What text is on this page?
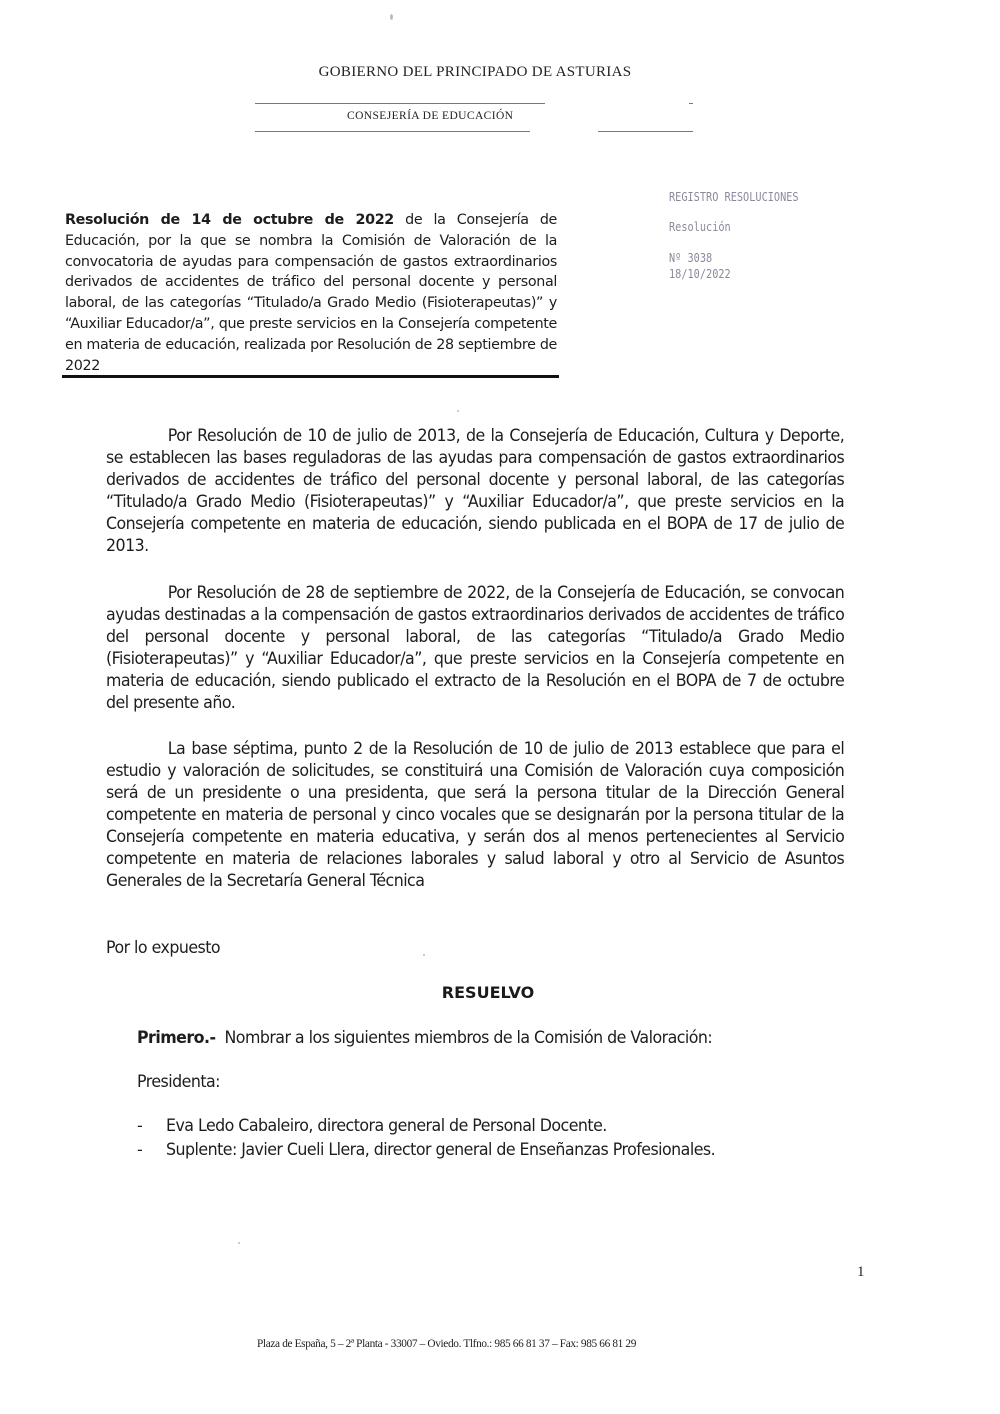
GOBIERNO DEL PRINCIPADO DE ASTURIAS
CONSEJERÍA DE EDUCACIÓN
REGISTRO RESOLUCIONES
Resolución
Nº 3038
18/10/2022
Resolución de 14 de octubre de 2022 de la Consejería de Educación, por la que se nombra la Comisión de Valoración de la convocatoria de ayudas para compensación de gastos extraordinarios derivados de accidentes de tráfico del personal docente y personal laboral, de las categorías “Titulado/a Grado Medio (Fisioterapeutas)” y “Auxiliar Educador/a”, que preste servicios en la Consejería competente en materia de educación, realizada por Resolución de 28 septiembre de 2022
Por Resolución de 10 de julio de 2013, de la Consejería de Educación, Cultura y Deporte, se establecen las bases reguladoras de las ayudas para compensación de gastos extraordinarios derivados de accidentes de tráfico del personal docente y personal laboral, de las categorías “Titulado/a Grado Medio (Fisioterapeutas)” y “Auxiliar Educador/a”, que preste servicios en la Consejería competente en materia de educación, siendo publicada en el BOPA de 17 de julio de 2013.
Por Resolución de 28 de septiembre de 2022, de la Consejería de Educación, se convocan ayudas destinadas a la compensación de gastos extraordinarios derivados de accidentes de tráfico del personal docente y personal laboral, de las categorías “Titulado/a Grado Medio (Fisioterapeutas)” y “Auxiliar Educador/a”, que preste servicios en la Consejería competente en materia de educación, siendo publicado el extracto de la Resolución en el BOPA de 7 de octubre del presente año.
La base séptima, punto 2 de la Resolución de 10 de julio de 2013 establece que para el estudio y valoración de solicitudes, se constituirá una Comisión de Valoración cuya composición será de un presidente o una presidenta, que será la persona titular de la Dirección General competente en materia de personal y cinco vocales que se designarán por la persona titular de la Consejería competente en materia educativa, y serán dos al menos pertenecientes al Servicio competente en materia de relaciones laborales y salud laboral y otro al Servicio de Asuntos Generales de la Secretaría General Técnica
Por lo expuesto
RESUELVO
Primero.- Nombrar a los siguientes miembros de la Comisión de Valoración:
Presidenta:
- Eva Ledo Cabaleiro, directora general de Personal Docente.
- Suplente: Javier Cueli Llera, director general de Enseñanzas Profesionales.
1
Plaza de España, 5 – 2ª Planta - 33007 – Oviedo. Tlfno.: 985 66 81 37 – Fax: 985 66 81 29
